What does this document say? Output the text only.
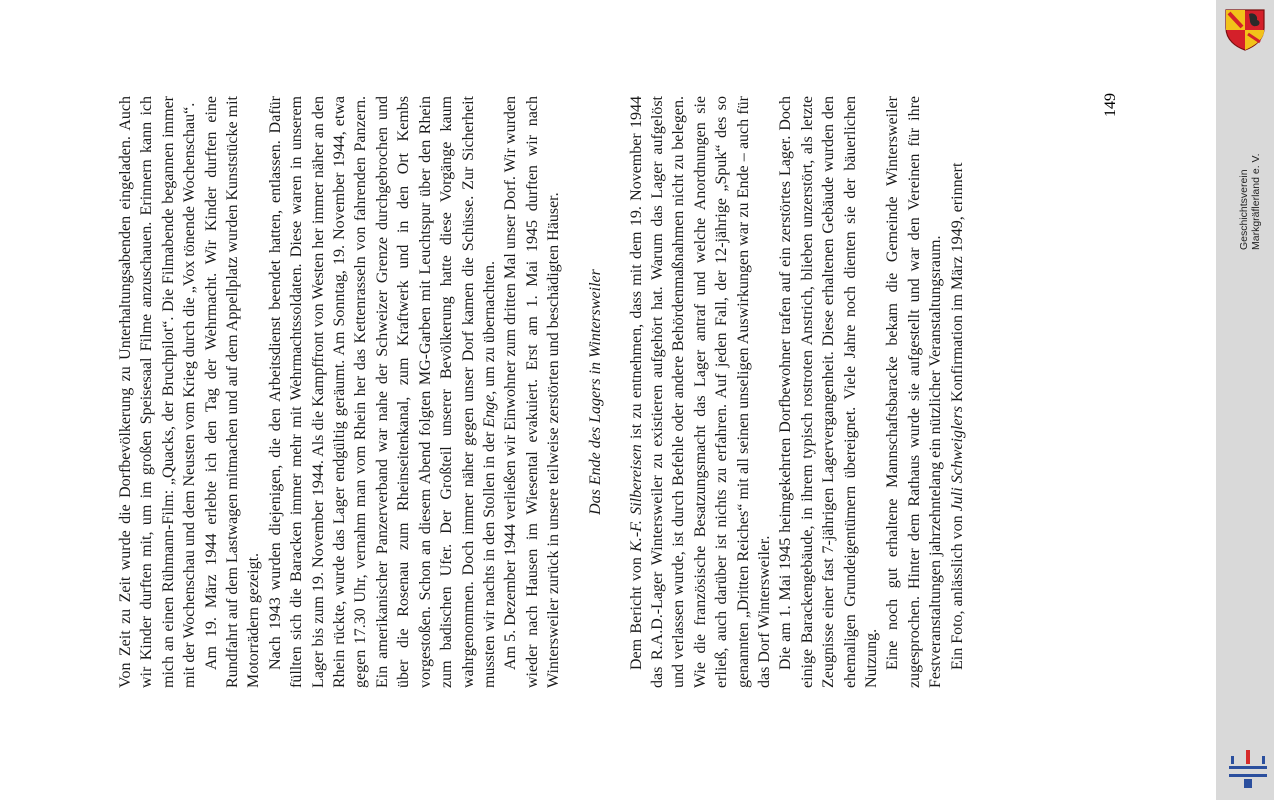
Von Zeit zu Zeit wurde die Dorfbevölkerung zu Unterhaltungsabenden eingeladen. Auch wir Kinder durften mit, um im großen Speisesaal Filme anzuschauen. Erinnern kann ich mich an einen Rühmann-Film: „Quacks, der Bruchpilot“. Die Filmabende begannen immer mit der Wochenschau und dem Neusten vom Krieg durch die „Vox tönende Wochenschau“. Am 19. März 1944 erlebte ich den Tag der Wehrmacht. Wir Kinder durften eine Rundfahrt auf dem Lastwagen mitmachen und auf dem Appellplatz wurden Kunststücke mit Motorrädern gezeigt. Nach 1943 wurden diejenigen, die den Arbeitsdienst beendet hatten, entlassen. Dafür füllten sich die Baracken immer mehr mit Wehrmachtssoldaten. Diese waren in unserem Lager bis zum 19. November 1944. Als die Kampffront von Westen her immer näher an den Rhein rückte, wurde das Lager endgültig geräumt. Am Sonntag, 19. November 1944, etwa gegen 17.30 Uhr, vernahm man vom Rhein her das Kettenrasseln von fahrenden Panzern. Ein amerikanischer Panzerverband war nahe der Schweizer Grenze durchgebrochen und über die Rosenau zum Rheinseitenkanal, zum Kraftwerk und in den Ort Kembs vorgestoßen. Schon an diesem Abend folgten MG-Garben mit Leuchtspur über den Rhein zum badischen Ufer. Der Großteil unserer Bevölkerung hatte diese Vorgänge kaum wahrgenommen. Doch immer näher gegen unser Dorf kamen die Schüsse. Zur Sicherheit mussten wir nachts in den Stollen in der Enge, um zu übernachten. Am 5. Dezember 1944 verließen wir Einwohner zum dritten Mal unser Dorf. Wir wurden wieder nach Hausen im Wiesental evakuiert. Erst am 1. Mai 1945 durften wir nach Wintersweiler zurück in unsere teilweise zerstörten und beschädigten Häuser. Das Ende des Lagers in Wintersweiler

Dem Bericht von K.-F. Silbereisen ist zu entnehmen, dass mit dem 19. November 1944 das R.A.D.-Lager Wintersweiler zu existieren aufgehört hat. Warum das Lager aufgelöst und verlassen wurde, ist durch Befehle oder andere Behördenmaßnahmen nicht zu belegen. Wie die französische Besatzungsmacht das Lager antraf und welche Anordnungen sie erließ, auch darüber ist nichts zu erfahren. Auf jeden Fall, der 12-jährige „Spuk“ des so genannten „Dritten Reiches“ mit all seinen unseligen Auswirkungen war zu Ende – auch für das Dorf Wintersweiler. Die am 1. Mai 1945 heimgekehrten Dorfbewohner trafen auf ein zerstörtes Lager. Doch einige Barackengebäude, in ihrem typisch rostroten Anstrich, blieben unzerstört, als letzte Zeugnisse einer fast 7-jährigen Lagervergangenheit. Diese erhaltenen Gebäude wurden den ehemaligen Grundeigentümern übereignet. Viele Jahre noch dienten sie der bäuerlichen Nutzung. Eine noch gut erhaltene Mannschaftsbaracke bekam die Gemeinde Wintersweiler zugesprochen. Hinter dem Rathaus wurde sie aufgestellt und war den Vereinen für ihre Festveranstaltungen jahrzehntelang ein nützlicher Veranstaltungsraum. Ein Foto, anlässlich von Juli Schweiglers Konfirmation im März 1949, erinnert

149
Geschichtsverein Markgräflerland e. V.
